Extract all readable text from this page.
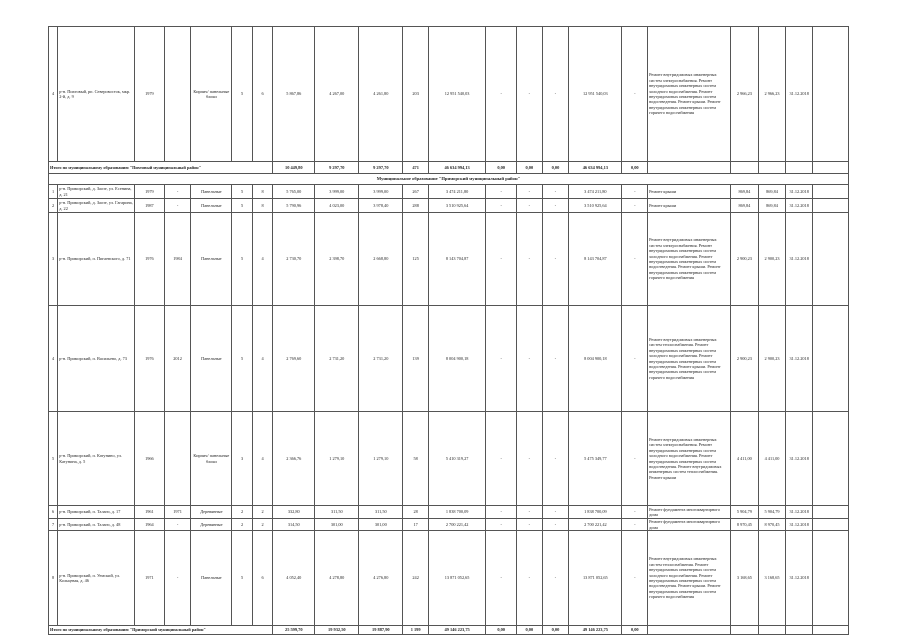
4	р-н. Пихтовый, рп. Северовосток, мкр. 2-й, д. 9	1979		Кирпич/ панельные блоки	5	6	5 867,86	4 267,00	4 261,80	203	12 951 540,03	-	-	-	12 951 540,03	-	Ремонт внутридомовых инженерных систем электроснабжения. Ремонт внутридомовых инженерных систем холодного водоснабжения. Ремонт внутридомовых инженерных систем водоотведения. Ремонт крыши. Ремонт внутридомовых инженерных систем горячего водоснабжения	2 966,23	2 966,23	31.12.2018	
Итого по муниципальному образованию "Пихтовый муниципальный район"							10 449,80	9 297,70	9 297,70	471	46 634 994,13	0,00	0,00	0,00	46 634 994,13	0,00					
Муниципальное образование "Приморский муниципальный район"																					
1	р-н. Приморский, д. Заозе, ул. Есенина, д. 21	1979	-	Панельные	5	8	5 765,00	3 999,00	3 999,00	267	3 474 211,80	-	-	-	3 474 211,80	-	Ремонт крыши	869,84	869,84	31.12.2018	
2	р-н. Приморский, д. Заозе, ул. Гагарина, д. 22	1987	-	Панельные	5	8	5 790,96	4 023,00	3 978,40	288	3 510 925,64	-	-	-	3 510 925,64	-	Ремонт крыши	869,84	869,84	31.12.2018	
3	р-н. Приморский, п. Пигаевского, д. 71	1976	1984	Панельные	5	4	2 730,70	2 398,70	2 668,80	125	8 143 704,87	-	-	-	8 143 704,87	-	Ремонт внутридомовых инженерных систем электроснабжения. Ремонт внутридомовых инженерных систем холодного водоснабжения. Ремонт внутридомовых инженерных систем водоотведения. Ремонт крыши. Ремонт внутридомовых инженерных систем горячего водоснабжения	2 900,23	2 900,23	31.12.2018	
4	р-н. Приморский, п. Васильево, д. 73	1976	2012	Панельные	5	4	2 769,60	2 731,20	2 731,20	139	8 004 900,18	-	-	-	8 004 900,18	-	Ремонт внутридомовых инженерных систем теплоснабжения. Ремонт внутридомовых инженерных систем холодного водоснабжения. Ремонт внутридомовых инженерных систем водоотведения. Ремонт крыши. Ремонт внутридомовых инженерных систем горячего водоснабжения	2 900,23	2 900,23	31.12.2018	
5	р-н. Приморский, п. Катунино, ул. Катунина, д. 5	1966		Кирпич/ панельные блоки	3	4	2 366,76	1 279,10	1 279,10	58	5 410 319,27	-	-	-	5 475 349,77	-	Ремонт внутридомовых инженерных систем электроснабжения. Ремонт внутридомовых инженерных систем холодного водоснабжения. Ремонт внутридомовых инженерных систем водоотведения. Ремонт внутридомовых инженерных систем теплоснабжения. Ремонт крыши	4 411,00	4 411,00	31.12.2018	
6	р-н. Приморский, п. Талаги, д. 17	1961	1971	Деревянные	2	2	332,80	311,50	311,50	28	1 838 700,09	-	-	-	1 838 700,09	-	Ремонт фундамента многоквартирного дома	5 904,79	5 904,79	31.12.2018	
7	р-н. Приморский, п. Талаги, д. 48	1964	-	Деревянные	2	2	314,50	301,00	301,00	17	2 700 221,42	-	-	-	2 700 221,42	-	Ремонт фундамента многоквартирного дома	8 970,45	8 970,45	31.12.2018	
8	р-н. Приморский, п. Уемский, ул. Кольцевая, д. 46	1971	-	Панельные	5	6	4 052,40	4 278,80	4 276,80	242	13 871 052,65	-	-	-	13 871 052,65	-	Ремонт внутридомовых инженерных систем теплоснабжения. Ремонт внутридомовых инженерных систем холодного водоснабжения. Ремонт внутридомовых инженерных систем водоотведения. Ремонт крыши. Ремонт внутридомовых инженерных систем горячего водоснабжения	3 168,65	3 168,65	31.12.2018	
Итого по муниципальному образованию "Приморский муниципальный район"							25 599,70	19 932,50	19 887,90	1 199	49 146 223,75	0,00	0,00	0,00	49 146 223,75	0,00					
